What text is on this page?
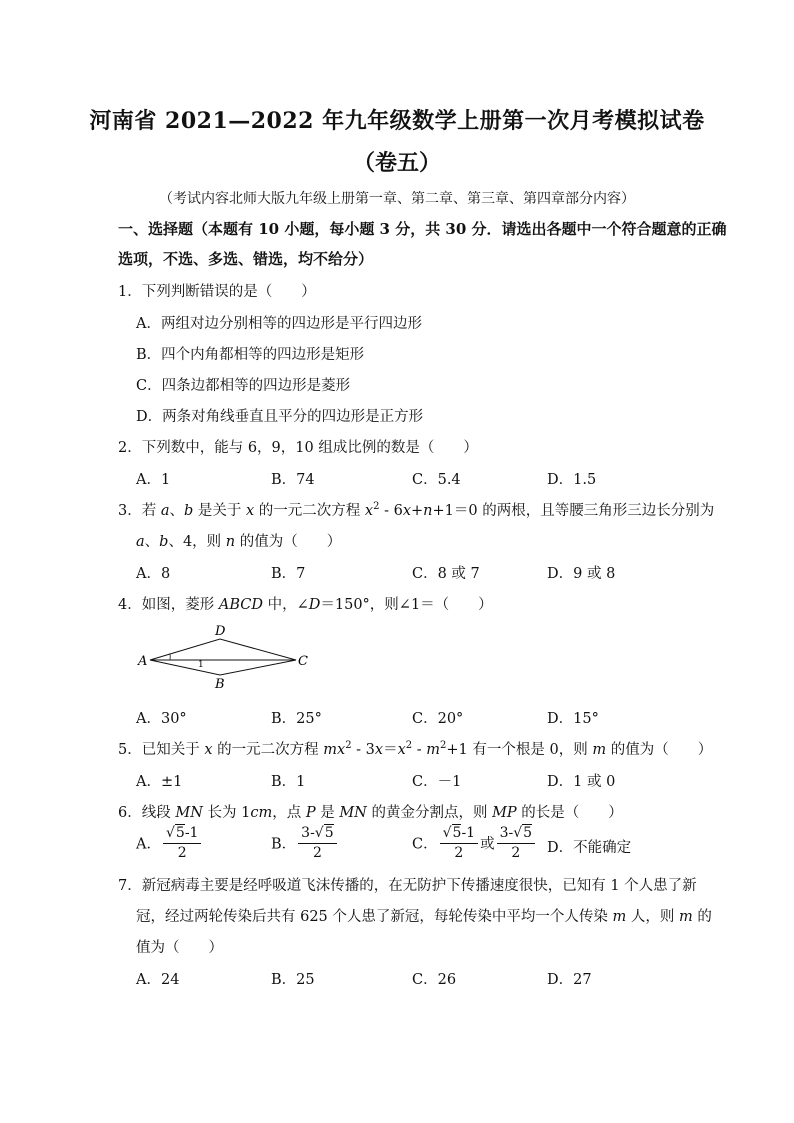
河南省 2021—2022 年九年级数学上册第一次月考模拟试卷
（卷五）
（考试内容北师大版九年级上册第一章、第二章、第三章、第四章部分内容）
一、选择题（本题有 10 小题，每小题 3 分，共 30 分．请选出各题中一个符合题意的正确
选项，不选、多选、错选，均不给分）
1．下列判断错误的是（　　）
A．两组对边分别相等的四边形是平行四边形
B．四个内角都相等的四边形是矩形
C．四条边都相等的四边形是菱形
D．两条对角线垂直且平分的四边形是正方形
2．下列数中，能与 6，9，10 组成比例的数是（　　）
A．1	B．74	C．5.4	D．1.5
3．若 a、b 是关于 x 的一元二次方程 $x^2 - 6x+n+1=0$ 的两根，且等腰三角形三边长分别为
a、b、4，则 n 的值为（　　）
A．8	B．7	C．8 或 7	D．9 或 8
4．如图，菱形 ABCD 中，∠D＝150°，则∠1＝（　　）
A
D
C
B
1
A．30°	B．25°	C．20°	D．15°
5．已知关于 x 的一元二次方程 $mx^2 - 3x=x^2 - m^2+1$ 有一个根是 0，则 m 的值为（　　）
A．±1	B．1	C．－1	D．1 或 0
6．线段 MN 长为 1cm，点 P 是 MN 的黄金分割点，则 MP 的长是（　　）
A． $\frac{√5-1}{2}$	B． $\frac{3-√5}{2}$	C． $\frac{√5-1}{2}$ 或 $\frac{3-√5}{2}$ D．不能确定
7．新冠病毒主要是经呼吸道飞沫传播的，在无防护下传播速度很快，已知有 1 个人患了新
冠，经过两轮传染后共有 625 个人患了新冠，每轮传染中平均一个人传染 m 人，则 m 的
值为（　　）
A．24	B．25	C．26	D．27
